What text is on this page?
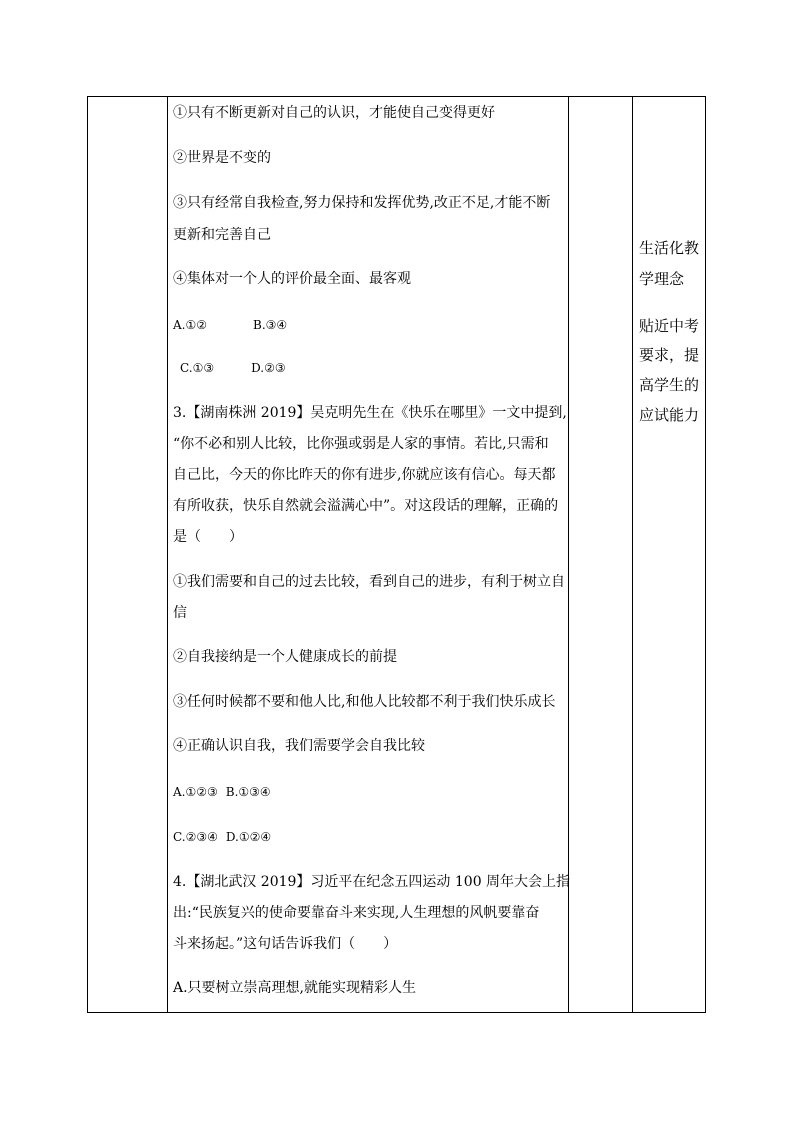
①只有不断更新对自己的认识，才能使自己变得更好
②世界是不变的
③只有经常自我检查,努力保持和发挥优势,改正不足,才能不断
更新和完善自己
④集体对一个人的评价最全面、最客观
A.①②	B.③④
C.①③	D.②③
3.【湖南株洲 2019】吴克明先生在《快乐在哪里》一文中提到,
“你不必和别人比较，比你强或弱是人家的事情。若比,只需和
自己比，今天的你比昨天的你有进步,你就应该有信心。每天都
有所收获，快乐自然就会溢满心中”。对这段话的理解，正确的
是（　　）
①我们需要和自己的过去比较，看到自己的进步，有利于树立自
信
②自我接纳是一个人健康成长的前提
③任何时候都不要和他人比,和他人比较都不利于我们快乐成长
④正确认识自我，我们需要学会自我比较
A.①②③ B.①③④
C.②③④ D.①②④
4.【湖北武汉 2019】习近平在纪念五四运动 100 周年大会上指
出:“民族复兴的使命要靠奋斗来实现,人生理想的风帆要靠奋
斗来扬起。”这句话告诉我们（　　）
A.只要树立崇高理想,就能实现精彩人生
生活化教
学理念
贴近中考
要求，提
高学生的
应试能力
